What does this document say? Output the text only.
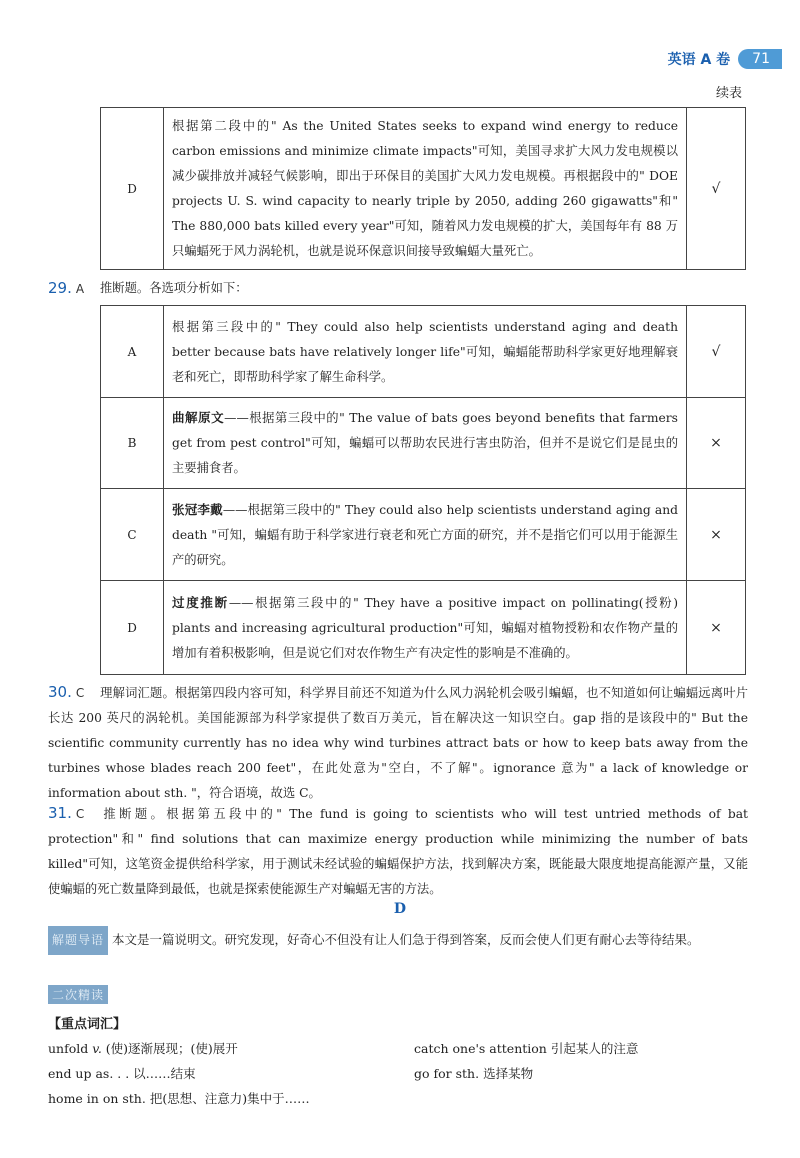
英语 A 卷	71
续表
D	根据第二段中的" As the United States seeks to expand wind energy to reduce carbon emissions and minimize climate impacts"可知，美国寻求扩大风力发电规模以减少碳排放并减轻气候影响，即出于环保目的美国扩大风力发电规模。再根据段中的" DOE projects U. S. wind capacity to nearly triple by 2050, adding 260 gigawatts"和" The 880,000 bats killed every year"可知，随着风力发电规模的扩大，美国每年有 88 万只蝙蝠死于风力涡轮机，也就是说环保意识间接导致蝙蝠大量死亡。	√
29. A 推断题。各选项分析如下：
A	根据第三段中的" They could also help scientists understand aging and death better because bats have relatively longer life"可知，蝙蝠能帮助科学家更好地理解衰老和死亡，即帮助科学家了解生命科学。	√
B	曲解原文——根据第三段中的" The value of bats goes beyond benefits that farmers get from pest control"可知，蝙蝠可以帮助农民进行害虫防治，但并不是说它们是昆虫的主要捕食者。	×
C	张冠李戴——根据第三段中的" They could also help scientists understand aging and death "可知，蝙蝠有助于科学家进行衰老和死亡方面的研究，并不是指它们可以用于能源生产的研究。	×
D	过度推断——根据第三段中的" They have a positive impact on pollinating(授粉) plants and increasing agricultural production"可知，蝙蝠对植物授粉和农作物产量的增加有着积极影响，但是说它们对农作物生产有决定性的影响是不准确的。	×
30. C 理解词汇题。根据第四段内容可知，科学界目前还不知道为什么风力涡轮机会吸引蝙蝠，也不知道如何让蝙蝠远离叶片长达 200 英尺的涡轮机。美国能源部为科学家提供了数百万美元，旨在解决这一知识空白。gap 指的是该段中的" But the scientific community currently has no idea why wind turbines attract bats or how to keep bats away from the turbines whose blades reach 200 feet"，在此处意为"空白，不了解"。ignorance 意为" a lack of knowledge or information about sth. "，符合语境，故选 C。
31. C 推断题。根据第五段中的" The fund is going to scientists who will test untried methods of bat protection"和" find solutions that can maximize energy production while minimizing the number of bats killed"可知，这笔资金提供给科学家，用于测试未经试验的蝙蝠保护方法，找到解决方案，既能最大限度地提高能源产量，又能使蝙蝠的死亡数量降到最低，也就是探索使能源生产对蝙蝠无害的方法。
D
解题导语 本文是一篇说明文。研究发现，好奇心不但没有让人们急于得到答案，反而会使人们更有耐心去等待结果。
二次精读
【重点词汇】
unfold v. (使)逐渐展现；(使)展开
end up as. . . 以……结束
home in on sth. 把(思想、注意力)集中于……
catch one's attention 引起某人的注意
go for sth. 选择某物
